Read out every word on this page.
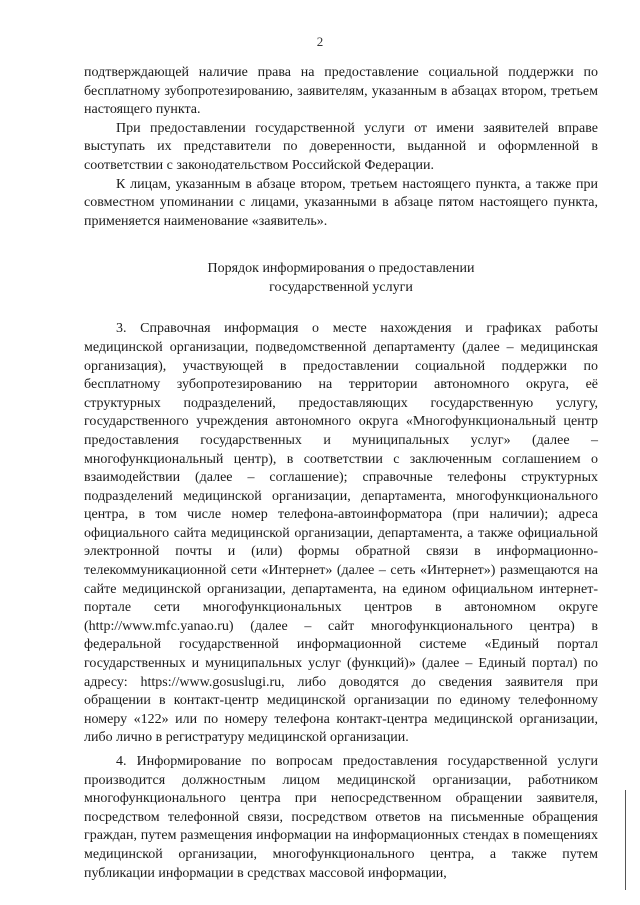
2

подтверждающей наличие права на предоставление социальной поддержки по бесплатному зубопротезированию, заявителям, указанным в абзацах втором, третьем настоящего пункта.

При предоставлении государственной услуги от имени заявителей вправе выступать их представители по доверенности, выданной и оформленной в соответствии с законодательством Российской Федерации.

К лицам, указанным в абзаце втором, третьем настоящего пункта, а также при совместном упоминании с лицами, указанными в абзаце пятом настоящего пункта, применяется наименование «заявитель».

Порядок информирования о предоставлении
государственной услуги

3. Справочная информация о месте нахождения и графиках работы медицинской организации, подведомственной департаменту (далее – медицинская организация), участвующей в предоставлении социальной поддержки по бесплатному зубопротезированию на территории автономного округа, её структурных подразделений, предоставляющих государственную услугу, государственного учреждения автономного округа «Многофункциональный центр предоставления государственных и муниципальных услуг» (далее – многофункциональный центр), в соответствии с заключенным соглашением о взаимодействии (далее – соглашение); справочные телефоны структурных подразделений медицинской организации, департамента, многофункционального центра, в том числе номер телефона-автоинформатора (при наличии); адреса официального сайта медицинской организации, департамента, а также официальной электронной почты и (или) формы обратной связи в информационно-телекоммуникационной сети «Интернет» (далее – сеть «Интернет») размещаются на сайте медицинской организации, департамента, на едином официальном интернет-портале сети многофункциональных центров в автономном округе (http://www.mfc.yanao.ru) (далее – сайт многофункционального центра) в федеральной государственной информационной системе «Единый портал государственных и муниципальных услуг (функций)» (далее – Единый портал) по адресу: https://www.gosuslugi.ru, либо доводятся до сведения заявителя при обращении в контакт-центр медицинской организации по единому телефонному номеру «122» или по номеру телефона контакт-центра медицинской организации, либо лично в регистратуру медицинской организации.

4. Информирование по вопросам предоставления государственной услуги производится должностным лицом медицинской организации, работником многофункционального центра при непосредственном обращении заявителя, посредством телефонной связи, посредством ответов на письменные обращения граждан, путем размещения информации на информационных стендах в помещениях медицинской организации, многофункционального центра, а также путем публикации информации в средствах массовой информации,
